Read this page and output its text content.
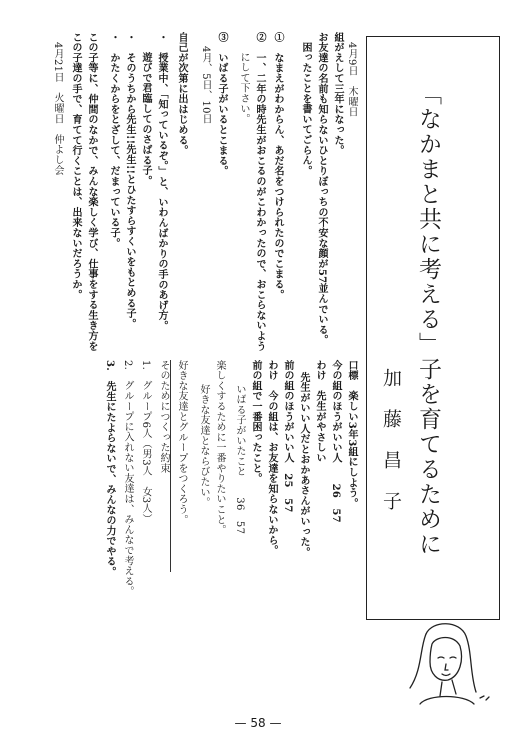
「なかまと共に考える」子を育てるために
加藤昌子
4月9日　木曜日
組がえして三年になった。
お友達の名前も知らないひとりぼっちの不安な顔が57並んでいる。
困ったことを書いてごらん。
①　なまえがわからん、あだ名をつけられたのでこまる。
②　一、二年の時先生がおこるのがこわかったので、おこらないよう
にして下さい。
③　いばる子がいるとこまる。
4月、5日、10日
自己が次第に出はじめる。
・　授業中、「知っているぞ。」と、いわんばかりの手のあげ方。
遊びで君臨してのさばる子。
・　そのうちから先生!!先生!!とひたすらすくいをもとめる子。
・　かたくからをとざして、だまっている子。
この子等に、仲間のなかで、みんな楽しく学び、仕事をする生き方を
この子達の手で、育てて行くことは、出来ないだろうか。
4月21日　火曜日　仲よし会
口標　楽しい3年3組にしよう。
今の組のほうがいい人　　26　57
わけ　先生がやさしい
先生がいい人だとおかあさんがいった。
前の組のほうがいい人　25　57
わけ　今の組は、お友達を知らないから。
前の組で一番困ったこと。
いばる子がいたこと　　36　57
楽しくするために一番やりたいこと。
好きな友達とならびたい。
好きな友達とグループをつくろう。
そのためにつくった約束
1.　グループ6人（男3人　女3人）
2.　グループに入れない友達は、みんなで考える。
3.　先生にたよらないで、みんなの力でやる。
— 58 —
